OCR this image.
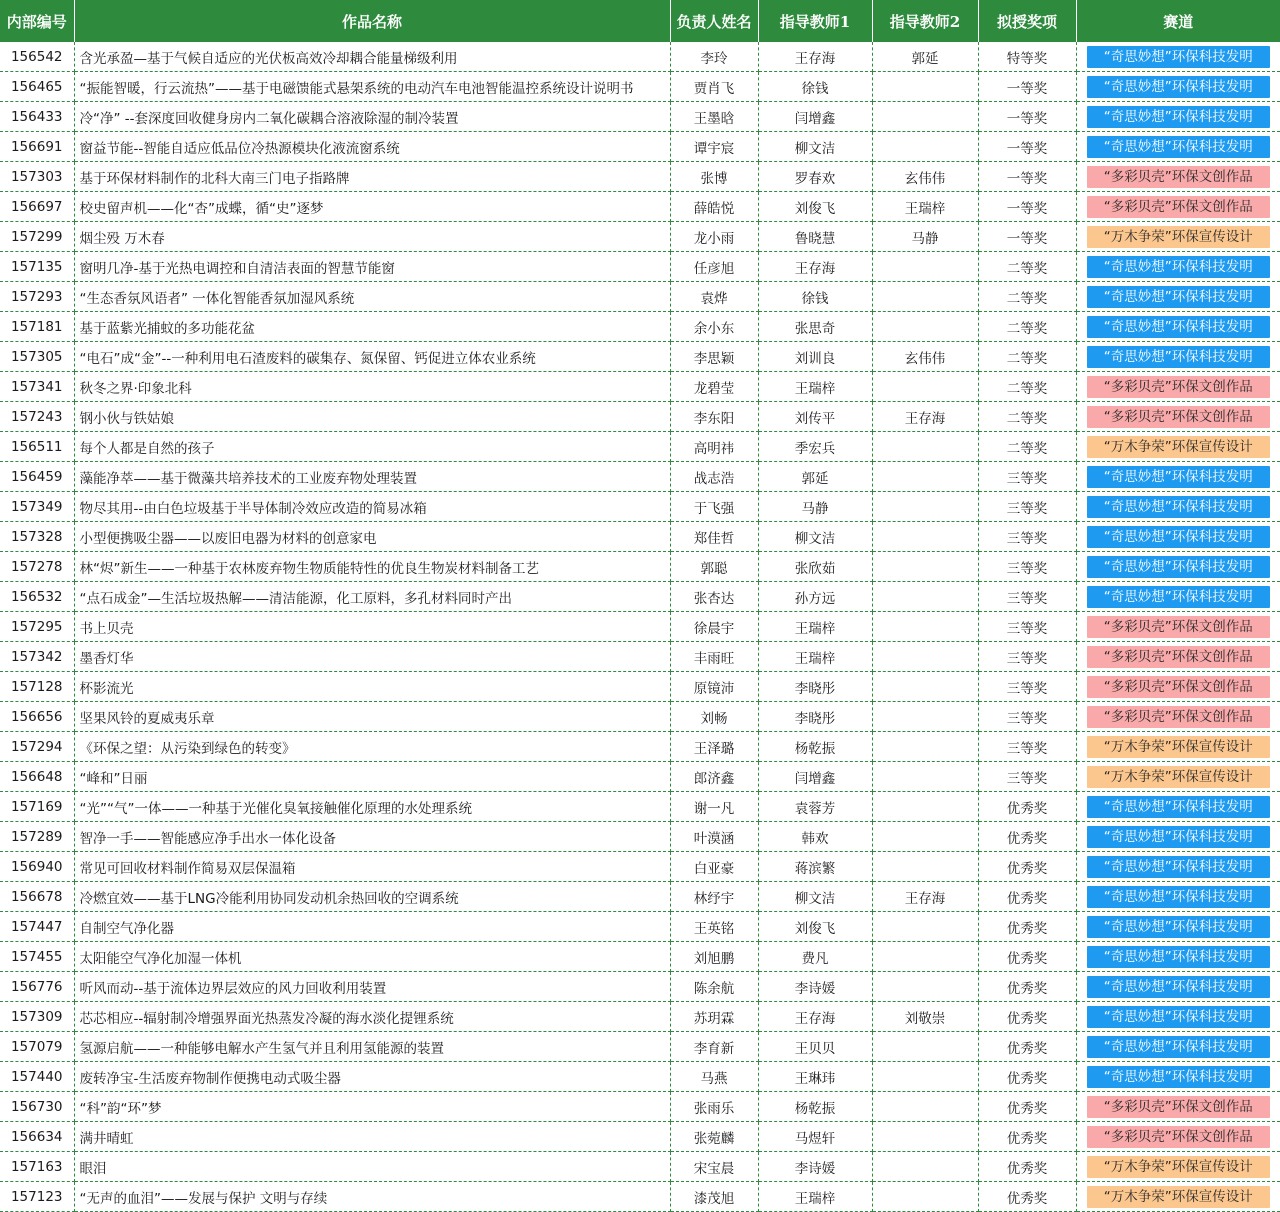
内部编号	作品名称	负责人姓名	指导教师1	指导教师2	拟授奖项	赛道
156542	含光承盈—基于气候自适应的光伏板高效冷却耦合能量梯级利用	李玲	王存海	郭延	特等奖	“奇思妙想”环保科技发明
156465	“振能智暖，行云流热”——基于电磁馈能式悬架系统的电动汽车电池智能温控系统设计说明书	贾肖飞	徐钱		一等奖	“奇思妙想”环保科技发明
156433	冷“净” --套深度回收健身房内二氧化碳耦合溶液除湿的制冷装置	王墨晗	闫增鑫		一等奖	“奇思妙想”环保科技发明
156691	窗益节能--智能自适应低品位冷热源模块化液流窗系统	谭宇宸	柳文洁		一等奖	“奇思妙想”环保科技发明
157303	基于环保材料制作的北科大南三门电子指路牌	张博	罗春欢	玄伟伟	一等奖	“多彩贝壳”环保文创作品
156697	校史留声机——化“杏”成蝶，循“史”逐梦	薛皓悦	刘俊飞	王瑞梓	一等奖	“多彩贝壳”环保文创作品
157299	烟尘殁 万木春	龙小雨	鲁晓慧	马静	一等奖	“万木争荣”环保宣传设计
157135	窗明几净-基于光热电调控和自清洁表面的智慧节能窗	任彦旭	王存海		二等奖	“奇思妙想”环保科技发明
157293	“生态香氛风语者” 一体化智能香氛加湿风系统	袁烨	徐钱		二等奖	“奇思妙想”环保科技发明
157181	基于蓝紫光捕蚊的多功能花盆	余小东	张思奇		二等奖	“奇思妙想”环保科技发明
157305	“电石”成“金”--一种利用电石渣废料的碳集存、氮保留、钙促进立体农业系统	李思颖	刘训良	玄伟伟	二等奖	“奇思妙想”环保科技发明
157341	秋冬之界·印象北科	龙碧莹	王瑞梓		二等奖	“多彩贝壳”环保文创作品
157243	钢小伙与铁姑娘	李东阳	刘传平	王存海	二等奖	“多彩贝壳”环保文创作品
156511	每个人都是自然的孩子	高明祎	季宏兵		二等奖	“万木争荣”环保宣传设计
156459	藻能净萃——基于微藻共培养技术的工业废弃物处理装置	战志浩	郭延		三等奖	“奇思妙想”环保科技发明
157349	物尽其用--由白色垃圾基于半导体制冷效应改造的简易冰箱	于飞强	马静		三等奖	“奇思妙想”环保科技发明
157328	小型便携吸尘器——以废旧电器为材料的创意家电	郑佳哲	柳文洁		三等奖	“奇思妙想”环保科技发明
157278	林“烬”新生——一种基于农林废弃物生物质能特性的优良生物炭材料制备工艺	郭聪	张欣茹		三等奖	“奇思妙想”环保科技发明
156532	“点石成金”—生活垃圾热解——清洁能源，化工原料，多孔材料同时产出	张杏达	孙方远		三等奖	“奇思妙想”环保科技发明
157295	书上贝壳	徐晨宇	王瑞梓		三等奖	“多彩贝壳”环保文创作品
157342	墨香灯华	丰雨旺	王瑞梓		三等奖	“多彩贝壳”环保文创作品
157128	杯影流光	原镜沛	李晓彤		三等奖	“多彩贝壳”环保文创作品
156656	坚果风铃的夏威夷乐章	刘畅	李晓彤		三等奖	“多彩贝壳”环保文创作品
157294	《环保之望：从污染到绿色的转变》	王泽璐	杨乾振		三等奖	“万木争荣”环保宣传设计
156648	“峰和”日丽	郎济鑫	闫增鑫		三等奖	“万木争荣”环保宣传设计
157169	“光”“气”一体——一种基于光催化臭氧接触催化原理的水处理系统	谢一凡	袁蓉芳		优秀奖	“奇思妙想”环保科技发明
157289	智净一手——智能感应净手出水一体化设备	叶漠涵	韩欢		优秀奖	“奇思妙想”环保科技发明
156940	常见可回收材料制作简易双层保温箱	白亚豪	蒋滨繁		优秀奖	“奇思妙想”环保科技发明
156678	冷燃宜效——基于LNG冷能利用协同发动机余热回收的空调系统	林纾宇	柳文洁	王存海	优秀奖	“奇思妙想”环保科技发明
157447	自制空气净化器	王英铭	刘俊飞		优秀奖	“奇思妙想”环保科技发明
157455	太阳能空气净化加湿一体机	刘旭鹏	费凡		优秀奖	“奇思妙想”环保科技发明
156776	听风而动--基于流体边界层效应的风力回收利用装置	陈余航	李诗媛		优秀奖	“奇思妙想”环保科技发明
157309	芯芯相应--辐射制冷增强界面光热蒸发冷凝的海水淡化提锂系统	苏玥霖	王存海	刘敬崇	优秀奖	“奇思妙想”环保科技发明
157079	氢源启航——一种能够电解水产生氢气并且利用氢能源的装置	李育新	王贝贝		优秀奖	“奇思妙想”环保科技发明
157440	废转净宝-生活废弃物制作便携电动式吸尘器	马燕	王琳玮		优秀奖	“奇思妙想”环保科技发明
156730	“科”韵“环”梦	张雨乐	杨乾振		优秀奖	“多彩贝壳”环保文创作品
156634	满井晴虹	张菀麟	马煜轩		优秀奖	“多彩贝壳”环保文创作品
157163	眼泪	宋宝晨	李诗媛		优秀奖	“万木争荣”环保宣传设计
157123	“无声的血泪”——发展与保护 文明与存续	漆茂旭	王瑞梓		优秀奖	“万木争荣”环保宣传设计
